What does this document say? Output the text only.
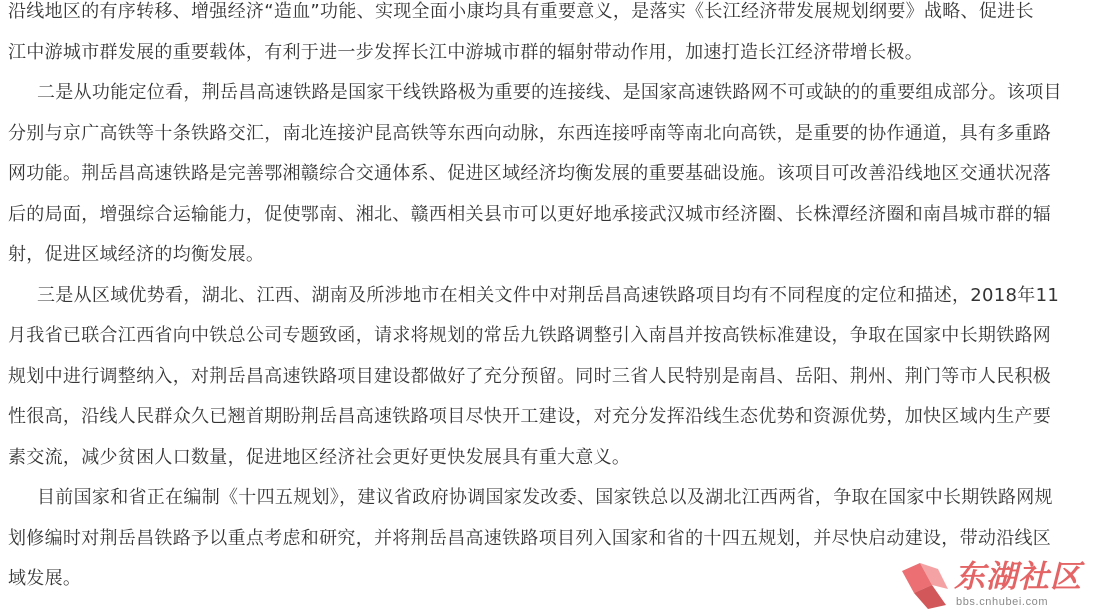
沿线地区的有序转移、增强经济“造血”功能、实现全面小康均具有重要意义，是落实《长江经济带发展规划纲要》战略、促进长
江中游城市群发展的重要载体，有利于进一步发挥长江中游城市群的辐射带动作用，加速打造长江经济带增长极。
二是从功能定位看，荆岳昌高速铁路是国家干线铁路极为重要的连接线、是国家高速铁路网不可或缺的的重要组成部分。该项目
分别与京广高铁等十条铁路交汇，南北连接沪昆高铁等东西向动脉，东西连接呼南等南北向高铁，是重要的协作通道，具有多重路
网功能。荆岳昌高速铁路是完善鄂湘赣综合交通体系、促进区域经济均衡发展的重要基础设施。该项目可改善沿线地区交通状况落
后的局面，增强综合运输能力，促使鄂南、湘北、赣西相关县市可以更好地承接武汉城市经济圈、长株潭经济圈和南昌城市群的辐
射，促进区域经济的均衡发展。
三是从区域优势看，湖北、江西、湖南及所涉地市在相关文件中对荆岳昌高速铁路项目均有不同程度的定位和描述，2018年11
月我省已联合江西省向中铁总公司专题致函，请求将规划的常岳九铁路调整引入南昌并按高铁标准建设，争取在国家中长期铁路网
规划中进行调整纳入，对荆岳昌高速铁路项目建设都做好了充分预留。同时三省人民特别是南昌、岳阳、荆州、荆门等市人民积极
性很高，沿线人民群众久已翘首期盼荆岳昌高速铁路项目尽快开工建设，对充分发挥沿线生态优势和资源优势，加快区域内生产要
素交流，减少贫困人口数量，促进地区经济社会更好更快发展具有重大意义。
目前国家和省正在编制《十四五规划》，建议省政府协调国家发改委、国家铁总以及湖北江西两省，争取在国家中长期铁路网规
划修编时对荆岳昌铁路予以重点考虑和研究，并将荆岳昌高速铁路项目列入国家和省的十四五规划，并尽快启动建设，带动沿线区
域发展。	东湖社区
bbs.cnhubei.com
